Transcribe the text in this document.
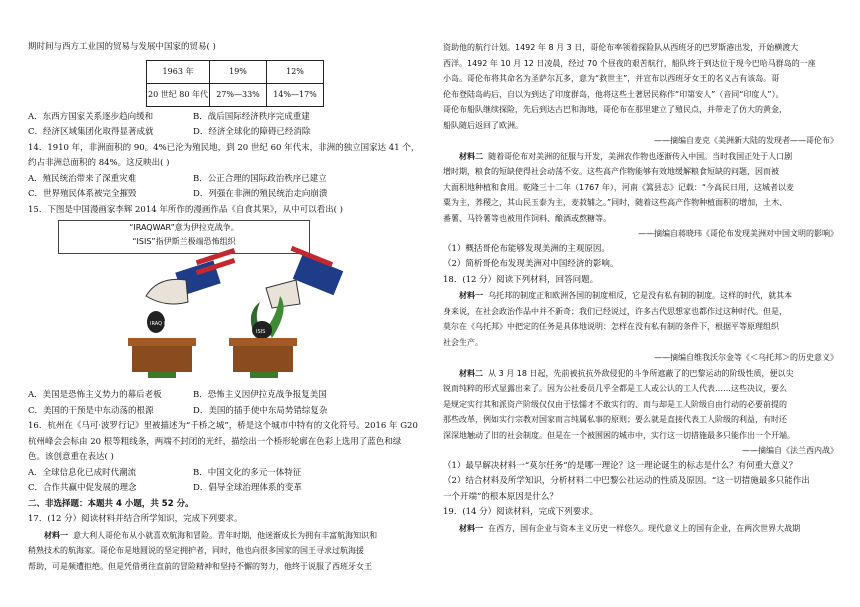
期时间与西方工业国的贸易与发展中国家的贸易( )

1963 年	19%	12%
20 世纪 80 年代	27%—33%	14%—17%
A．东西方国家关系逐步趋向缓和	B．战后国际经济秩序完成重建
C．经济区域集团化取得显著成就	D．经济全球化的障碍已经消除

14．1910 年，非洲面积的 90。4%已沦为殖民地，到 20 世纪 60 年代末，非洲的独立国家达 41 个，

约占非洲总面积的 84%。这反映出( )

A．殖民统治带来了深重灾难	B．公正合理的国际政治秩序已建立
C．世界殖民体系被完全摧毁	D．列强在非洲的殖民统治走向崩溃

15．下图是中国漫画家李辉 2014 年所作的漫画作品《自食其果》，从中可以看出( )

“IRAQWAR”意为伊拉克战争。
“ISIS”指伊斯兰极端恐怖组织
IRAQ WAR
ISIS
A．美国是恐怖主义势力的幕后老板	B．恐怖主义因伊拉克战争报复美国
C．美国的干预是中东动荡的根源	D．美国的插手使中东局势错综复杂

16．杭州在《马可·波罗行记》里被描述为“千桥之城”，桥是这个城市中特有的文化符号。2016 年 G20

杭州峰会会标由 20 根等粗线条，两端不封闭的光纤，描绘出一个桥形轮廓在色彩上选用了蓝色和绿

色。该创意重在表达( )

A．全球信息化已成时代潮流	B．中国文化的多元一体特征
C．合作共赢中促发展的理念	D．倡导全球治理体系的变革

二、非选择题：本题共 4 小题，共 52 分。

17．(12 分）阅读材料并结合所学知识，完成下列要求。

材料一 意大利人哥伦布从小就喜欢航海和冒险。青年时期，他迷渐成长为拥有丰富航海知识和

稍熟技术的航海家。哥伦布是地圆说的坚定拥护者，同时，他也向很多国家的国王寻求过航海援

帮助，可是频遭拒绝。但是凭借勇往直前的冒险精神和坚持不懈的努力，他终于说服了西班牙女王

资助他的航行计划。1492 年 8 月 3 日，哥伦布率领着探险队从西班牙的巴罗斯港出发，开始横渡大

西洋。1492 年 10 月 12 日凌晨，经过 70 个昼夜的艰苦航行，船队终于到达位于现今巴哈马群岛的一座

小岛。哥伦布将其命名为圣萨尔瓦多，意为“救世主”，并宣布以西班牙女王的名义占有该岛。哥

伦布登陆岛屿后，自以为到达了印度群岛，他将这些土著居民称作“印第安人”（音同“印度人”）。

哥伦布船队继续探险，先后到达古巴和海地，哥伦布在那里建立了殖民点，并带走了仿大的黄金，

船队随后返回了欧洲。

——摘编自麦克《美洲新大陆的发现者——哥伦布》

材料二 随着哥伦布对美洲的征服与开发，美洲农作物也逐渐传入中国。当时我国正处于人口剧

增时期，粮食的短缺使得社会动荡不安。这些高产作物能够有效地缓解粮食短缺的问题，因而被

大面积地种植和食用。乾隆三十二年（1767 年），河南《篙县志》记载：“今高民日用，这城者以麦

粟为主，荞稷之，其山民玉泰为主，麦菽辅之。”同时，随着这些高产作物种植面积的增加，土木、

番薯、马铃薯等也被用作饲料、酿酒或熬糖等。

——摘编自蒋晓玮《哥伦布发现美洲对中国文明的影响》

（1）概括哥伦布能够发现美洲的主观原因。

（2）简析哥伦布发现美洲对中国经济的影响。

18．(12 分）阅读下列材料，回答问题。

材料一 乌托邦的制度正和欧洲各国的制度相反，它是没有私有制的制度。这样的时代，就其本

身来说，在社会政治作品中并不新奇；我们已经说过，许多古代思想家也都作过这种时代。但是，

莫尔在《乌托邦》中把定的任务是具体地说明：怎样在没有私有制的条件下，根据平等原理组织

社会生产。

——摘编自维我沃尔金等《＜乌托邦＞的历史意义》

材料二 从 3 月 18 日起，先前被抗抗外敌侵犯的斗争所遮蔽了的巴黎运动的阶级性质，便以尖

锐而纯粹的形式显露出来了。因为公社委员几乎全都是工人或公认的工人代表……这些决议，要么

是规定实行其和派资产阶级仅仅由于怯懦才不敢实行的、而与却是工人阶级自由行动的必要前提的

那些改革，例如实行宗教对国家而言纯属私事的原则；要么就是直接代表工人阶级的利益，有时还

深深地触动了旧的社会制度。但是在一个被围困的城市中，实行这一切措施最多只能作出一个开端。

——摘编自《法兰西内战》

（1）最早解决材料一“莫尔任务”的是哪一理论？这一理论诞生的标志是什么？有何重大意义？

（2）结合材料及所学知识，分析材料二中巴黎公社运动的性质及原因。“这一切措施最多只能作出

一个开端”的根本原因是什么？

19．(14 分）阅读材料，完成下列要求。

材料一 在西方，国有企业与资本主义历史一样悠久。现代意义上的国有企业，在两次世界大战期
